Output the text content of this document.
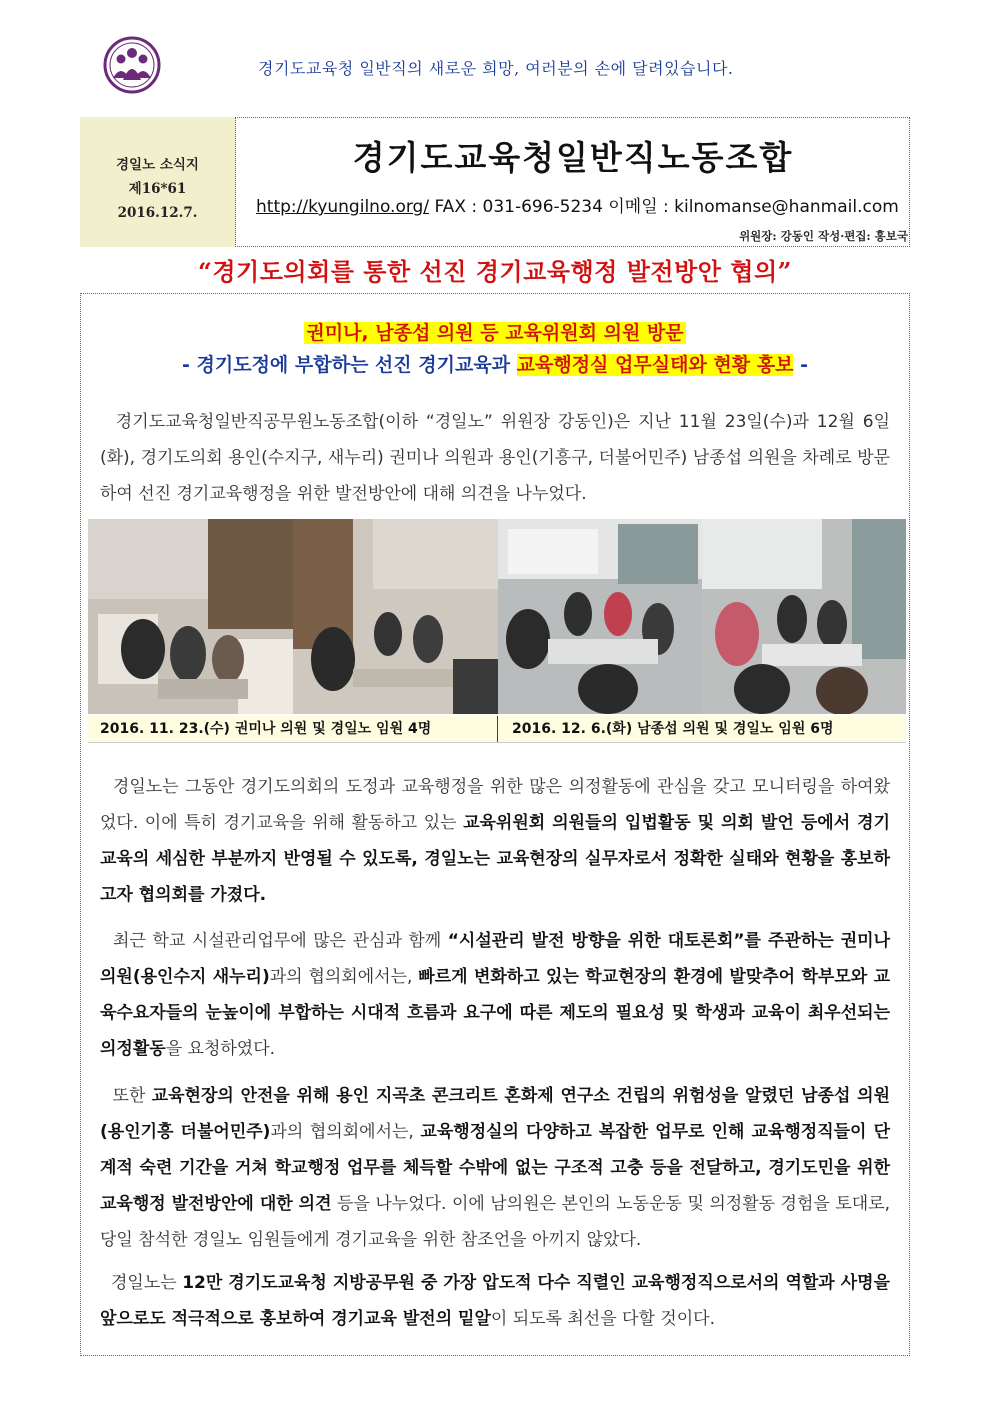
경기도교육청 일반직의 새로운 희망, 여러분의 손에 달려있습니다.
경일노 소식지
제16*61
2016.12.7.
경기도교육청일반직노동조합
http://kyungilno.org/ FAX : 031-696-5234 이메일 : kilnomanse@hanmail.com
위원장: 강동인 작성·편집: 홍보국
“경기도의회를 통한 선진 경기교육행정 발전방안 협의”
권미나, 남종섭 의원 등 교육위원회 의원 방문
- 경기도정에 부합하는 선진 경기교육과 교육행정실 업무실태와 현황 홍보 -
경기도교육청일반직공무원노동조합(이하 “경일노” 위원장 강동인)은 지난 11월 23일(수)과 12월 6일(화), 경기도의회 용인(수지구, 새누리) 권미나 의원과 용인(기흥구, 더불어민주) 남종섭 의원을 차례로 방문하여 선진 경기교육행정을 위한 발전방안에 대해 의견을 나누었다.
2016. 11. 23.(수) 권미나 의원 및 경일노 임원 4명	2016. 12. 6.(화) 남종섭 의원 및 경일노 임원 6명
경일노는 그동안 경기도의회의 도정과 교육행정을 위한 많은 의정활동에 관심을 갖고 모니터링을 하여왔었다. 이에 특히 경기교육을 위해 활동하고 있는 교육위원회 의원들의 입법활동 및 의회 발언 등에서 경기교육의 세심한 부분까지 반영될 수 있도록, 경일노는 교육현장의 실무자로서 정확한 실태와 현황을 홍보하고자 협의회를 가졌다.
최근 학교 시설관리업무에 많은 관심과 함께 “시설관리 발전 방향을 위한 대토론회”를 주관하는 권미나 의원(용인수지 새누리)과의 협의회에서는, 빠르게 변화하고 있는 학교현장의 환경에 발맞추어 학부모와 교육수요자들의 눈높이에 부합하는 시대적 흐름과 요구에 따른 제도의 필요성 및 학생과 교육이 최우선되는 의정활동을 요청하였다.
또한 교육현장의 안전을 위해 용인 지곡초 콘크리트 혼화제 연구소 건립의 위험성을 알렸던 남종섭 의원(용인기흥 더불어민주)과의 협의회에서는, 교육행정실의 다양하고 복잡한 업무로 인해 교육행정직들이 단계적 숙련 기간을 거쳐 학교행정 업무를 체득할 수밖에 없는 구조적 고충 등을 전달하고, 경기도민을 위한 교육행정 발전방안에 대한 의견 등을 나누었다. 이에 남의원은 본인의 노동운동 및 의정활동 경험을 토대로, 당일 참석한 경일노 임원들에게 경기교육을 위한 참조언을 아끼지 않았다.
경일노는 12만 경기도교육청 지방공무원 중 가장 압도적 다수 직렬인 교육행정직으로서의 역할과 사명을 앞으로도 적극적으로 홍보하여 경기교육 발전의 밑알이 되도록 최선을 다할 것이다.
